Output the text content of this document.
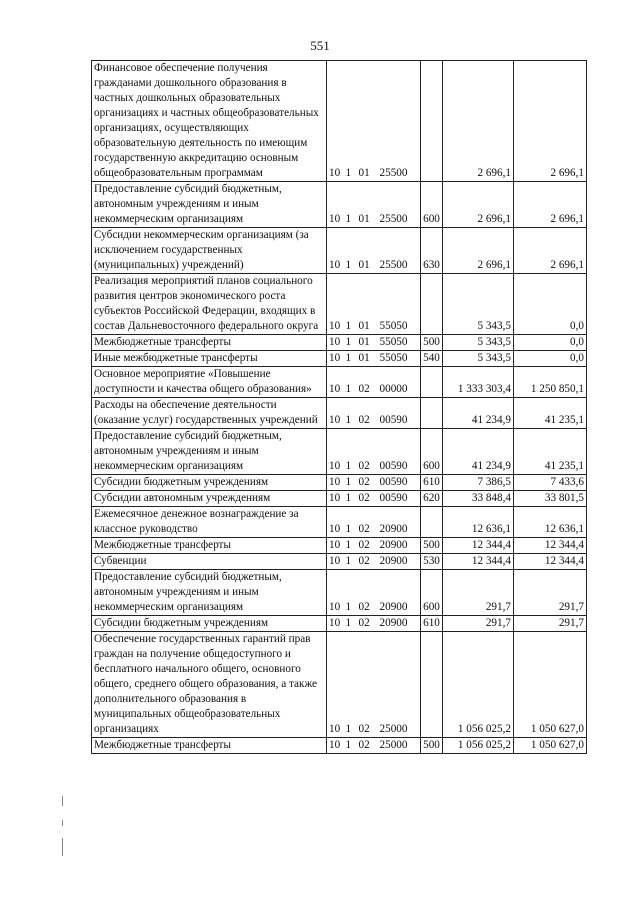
551
Финансовое обеспечение получения гражданами дошкольного образования в частных дошкольных образовательных организациях и частных общеобразовательных организациях, осуществляющих образовательную деятельность по имеющим государственную аккредитацию основным общеобразовательным программам	10	1	01	25500		2 696,1	2 696,1
Предоставление субсидий бюджетным, автономным учреждениям и иным некоммерческим организациям	10	1	01	25500	600	2 696,1	2 696,1
Субсидии некоммерческим организациям (за исключением государственных (муниципальных) учреждений)	10	1	01	25500	630	2 696,1	2 696,1
Реализация мероприятий планов социального развития центров экономического роста субъектов Российской Федерации, входящих в состав Дальневосточного федерального округа	10	1	01	55050		5 343,5	0,0
Межбюджетные трансферты	10	1	01	55050	500	5 343,5	0,0
Иные межбюджетные трансферты	10	1	01	55050	540	5 343,5	0,0
Основное мероприятие «Повышение доступности и качества общего образования»	10	1	02	00000		1 333 303,4	1 250 850,1
Расходы на обеспечение деятельности (оказание услуг) государственных учреждений	10	1	02	00590		41 234,9	41 235,1
Предоставление субсидий бюджетным, автономным учреждениям и иным некоммерческим организациям	10	1	02	00590	600	41 234,9	41 235,1
Субсидии бюджетным учреждениям	10	1	02	00590	610	7 386,5	7 433,6
Субсидии автономным учреждениям	10	1	02	00590	620	33 848,4	33 801,5
Ежемесячное денежное вознаграждение за классное руководство	10	1	02	20900		12 636,1	12 636,1
Межбюджетные трансферты	10	1	02	20900	500	12 344,4	12 344,4
Субвенции	10	1	02	20900	530	12 344,4	12 344,4
Предоставление субсидий бюджетным, автономным учреждениям и иным некоммерческим организациям	10	1	02	20900	600	291,7	291,7
Субсидии бюджетным учреждениям	10	1	02	20900	610	291,7	291,7
Обеспечение государственных гарантий прав граждан на получение общедоступного и бесплатного начального общего, основного общего, среднего общего образования, а также дополнительного образования в муниципальных общеобразовательных организациях	10	1	02	25000		1 056 025,2	1 050 627,0
Межбюджетные трансферты	10	1	02	25000	500	1 056 025,2	1 050 627,0
